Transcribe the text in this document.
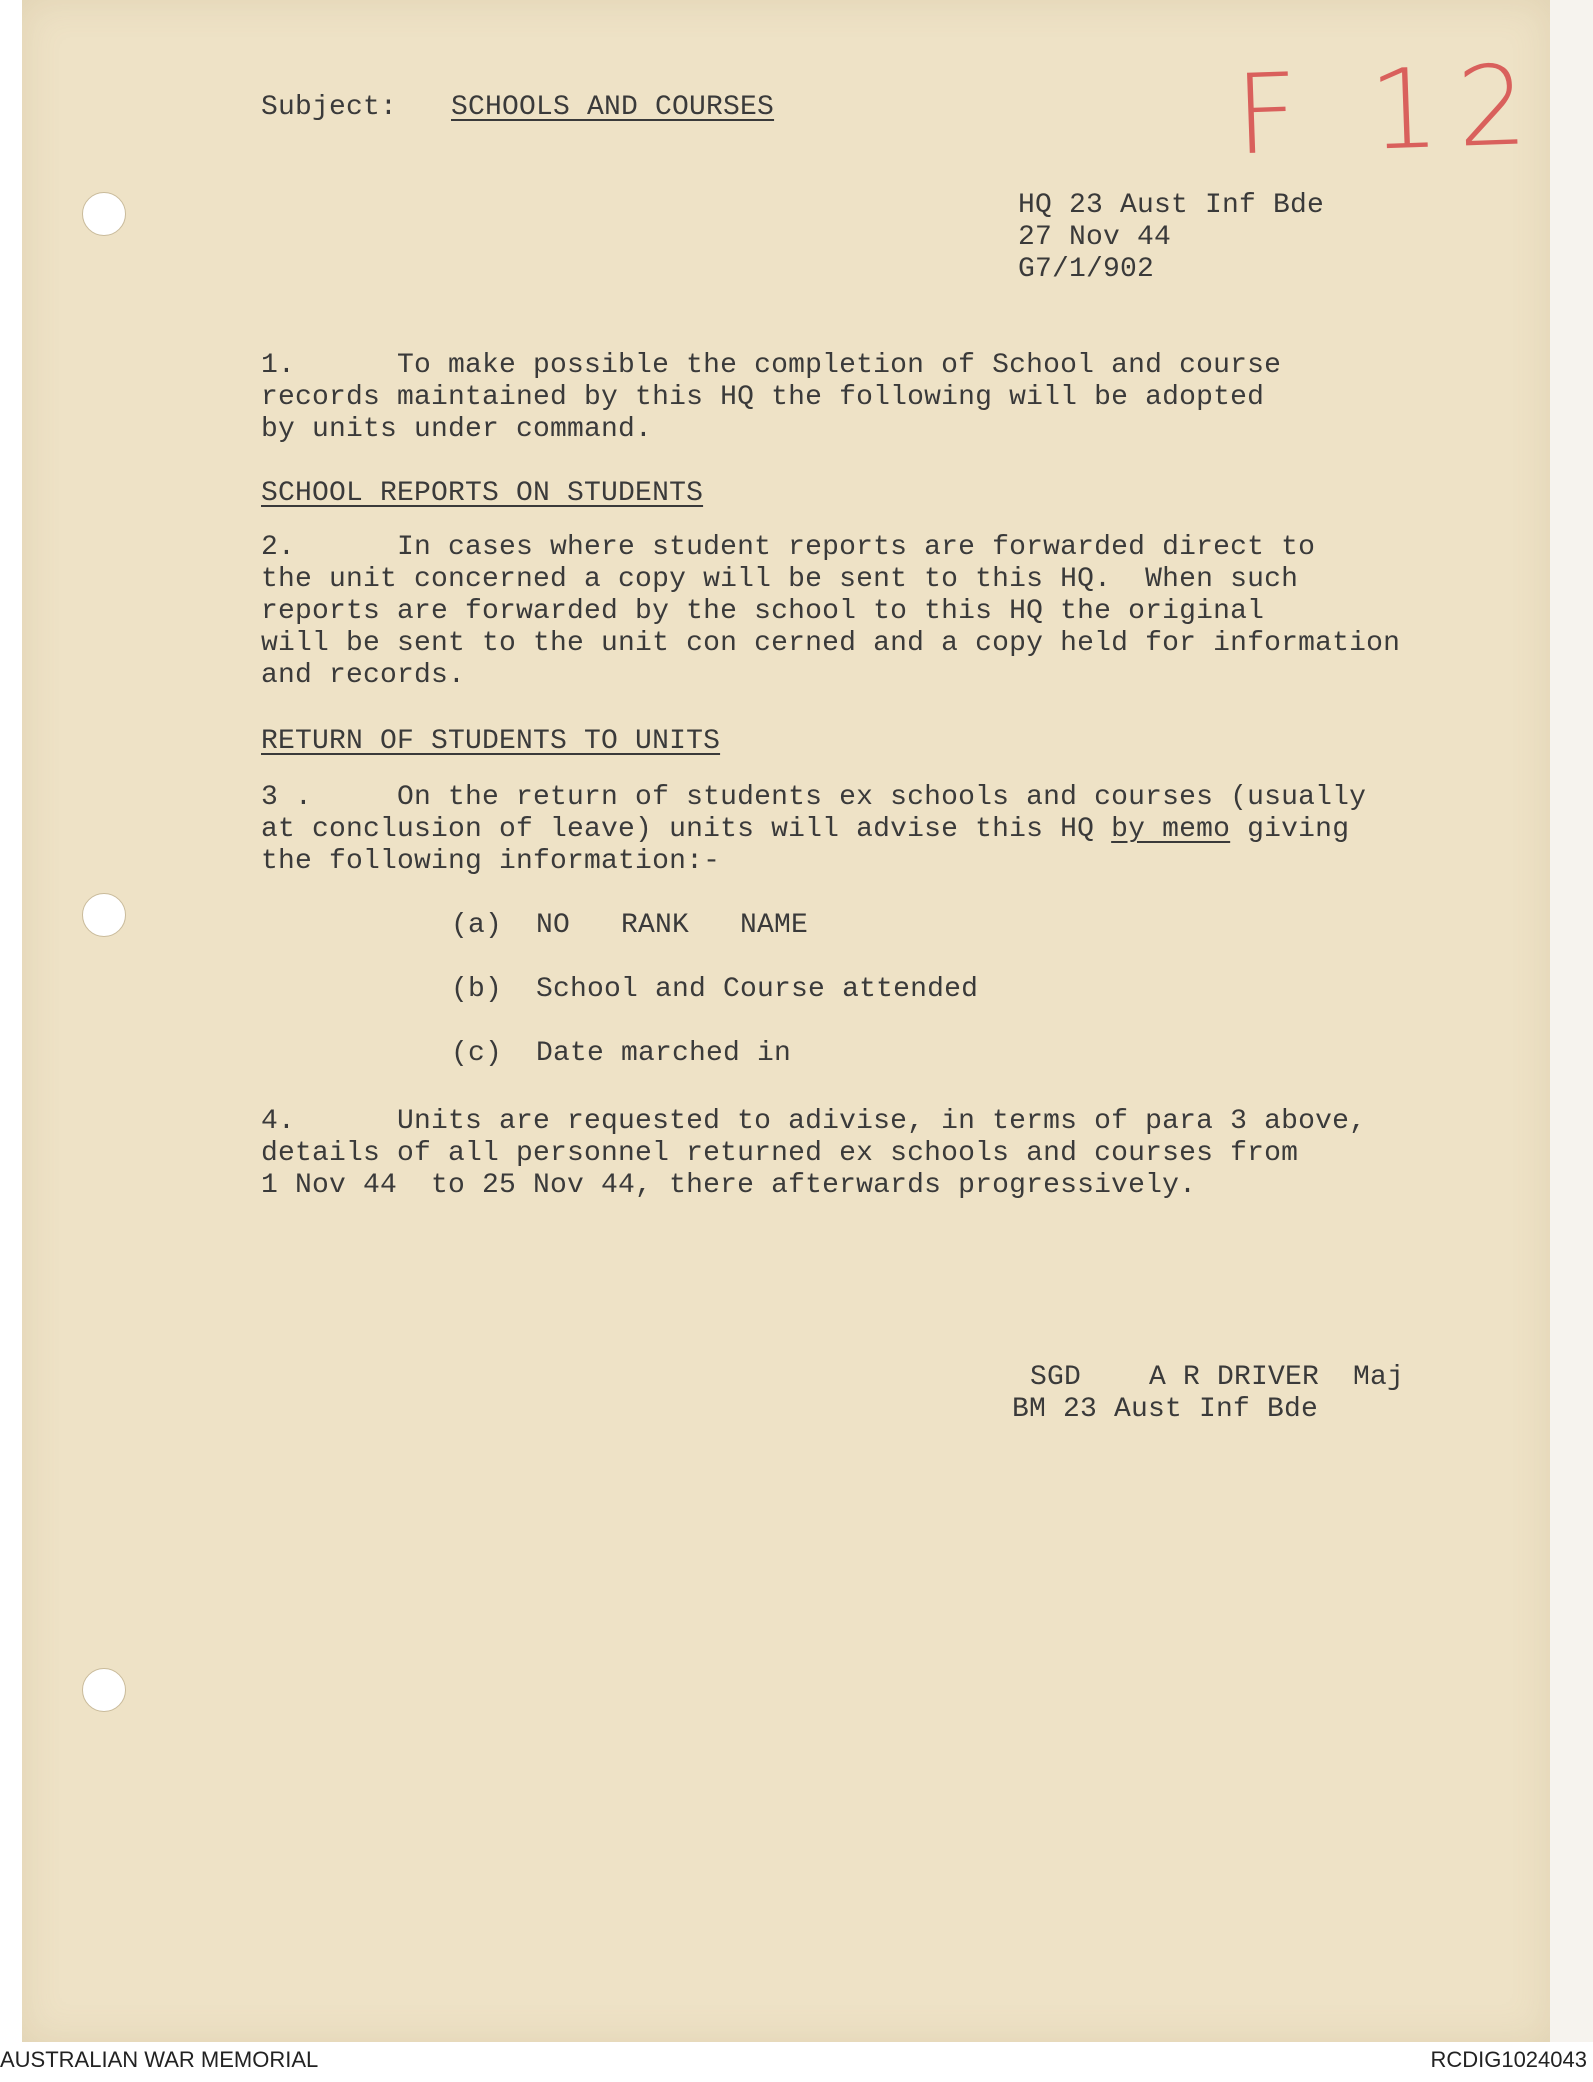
F 12
Subject: SCHOOLS AND COURSES
HQ 23 Aust Inf Bde
27 Nov 44
G7/1/902
1.      To make possible the completion of School and course
records maintained by this HQ the following will be adopted
by units under command.
SCHOOL REPORTS ON STUDENTS
2.      In cases where student reports are forwarded direct to
the unit concerned a copy will be sent to this HQ.  When such
reports are forwarded by the school to this HQ the original
will be sent to the unit con cerned and a copy held for information
and records.
RETURN OF STUDENTS TO UNITS
3 .     On the return of students ex schools and courses (usually
at conclusion of leave) units will advise this HQ by memo giving
the following information:-
(a)  NO   RANK   NAME
(b)  School and Course attended
(c)  Date marched in
4.      Units are requested to adivise, in terms of para 3 above,
details of all personnel returned ex schools and courses from
1 Nov 44  to 25 Nov 44, there afterwards progressively.
SGD    A R DRIVER  Maj
BM 23 Aust Inf Bde
AUSTRALIAN WAR MEMORIAL	RCDIG1024043
